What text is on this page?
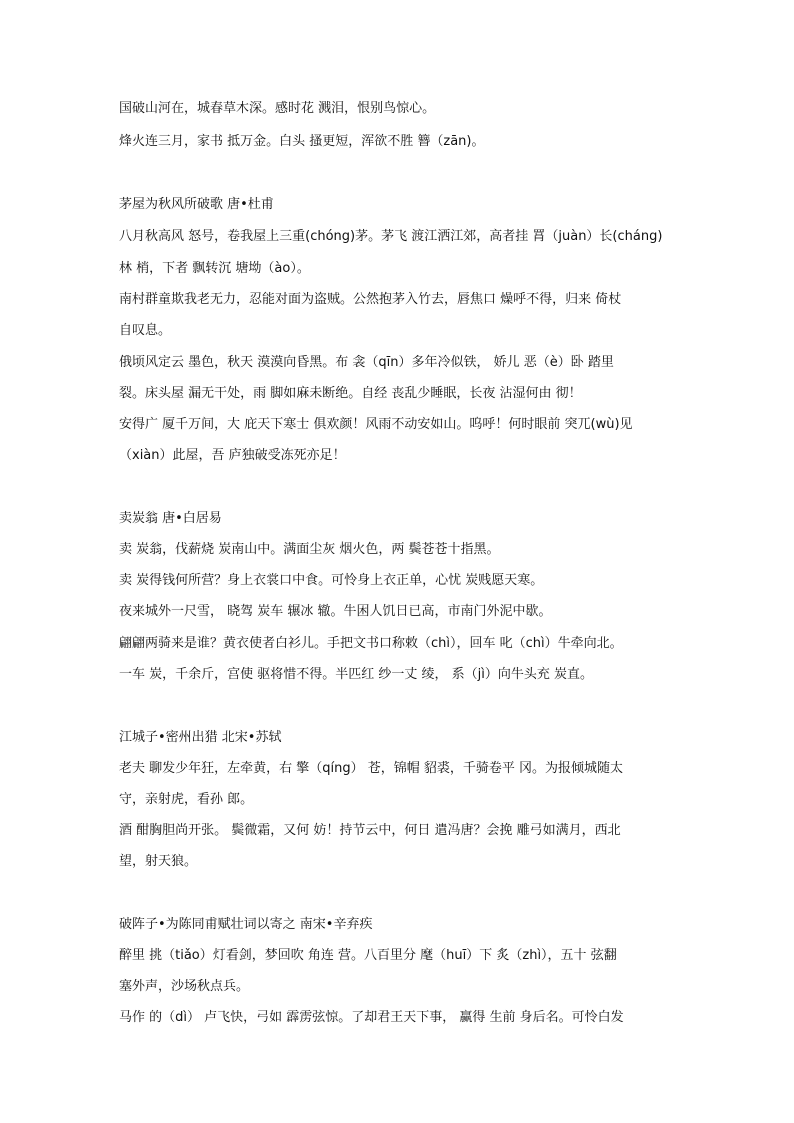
国破山河在，城春草木深。感时花 溅泪，恨别鸟惊心。
烽火连三月，家书 抵万金。白头 搔更短，浑欲不胜 簪（zān)。
茅屋为秋风所破歌 唐•杜甫
八月秋高风 怒号，卷我屋上三重(chóng)茅。茅飞 渡江洒江郊，高者挂 罥（juàn）长(cháng)
林 梢，下者 飘转沉 塘坳（ào）。
南村群童欺我老无力，忍能对面为盗贼。公然抱茅入竹去，唇焦口 燥呼不得，归来 倚杖
自叹息。
俄顷风定云 墨色，秋天 漠漠向昏黑。布 衾（qīn）多年冷似铁， 娇儿 恶（è）卧 踏里
裂。床头屋 漏无干处，雨 脚如麻未断绝。自经 丧乱少睡眠，长夜 沾湿何由 彻！
安得广 厦千万间，大 庇天下寒士 俱欢颜！风雨不动安如山。呜呼！何时眼前 突兀(wù)见
（xiàn）此屋，吾 庐独破受冻死亦足！
卖炭翁 唐•白居易
卖 炭翁，伐薪烧 炭南山中。满面尘灰 烟火色，两 鬓苍苍十指黑。
卖 炭得钱何所营？身上衣裳口中食。可怜身上衣正单，心忧 炭贱愿天寒。
夜来城外一尺雪， 晓驾 炭车 辗冰 辙。牛困人饥日已高，市南门外泥中歇。
翩翩两骑来是谁？黄衣使者白衫儿。手把文书口称敕（chì），回车 叱（chì）牛牵向北。
一车 炭，千余斤，宫使 驱将惜不得。半匹红 纱一丈 绫， 系（jì）向牛头充 炭直。
江城子•密州出猎 北宋•苏轼
老夫 聊发少年狂，左牵黄，右 擎（qíng） 苍，锦帽 貂裘，千骑卷平 冈。为报倾城随太
守，亲射虎，看孙 郎。
酒 酣胸胆尚开张。 鬓微霜，又何 妨！持节云中，何日 遣冯唐？会挽 雕弓如满月，西北
望，射天狼。
破阵子•为陈同甫赋壮词以寄之 南宋•辛弃疾
醉里 挑（tiǎo）灯看剑，梦回吹 角连 营。八百里分 麾（huī）下 炙（zhì），五十 弦翻
塞外声，沙场秋点兵。
马作 的（dì） 卢飞快，弓如 霹雳弦惊。了却君王天下事， 赢得 生前 身后名。可怜白发
